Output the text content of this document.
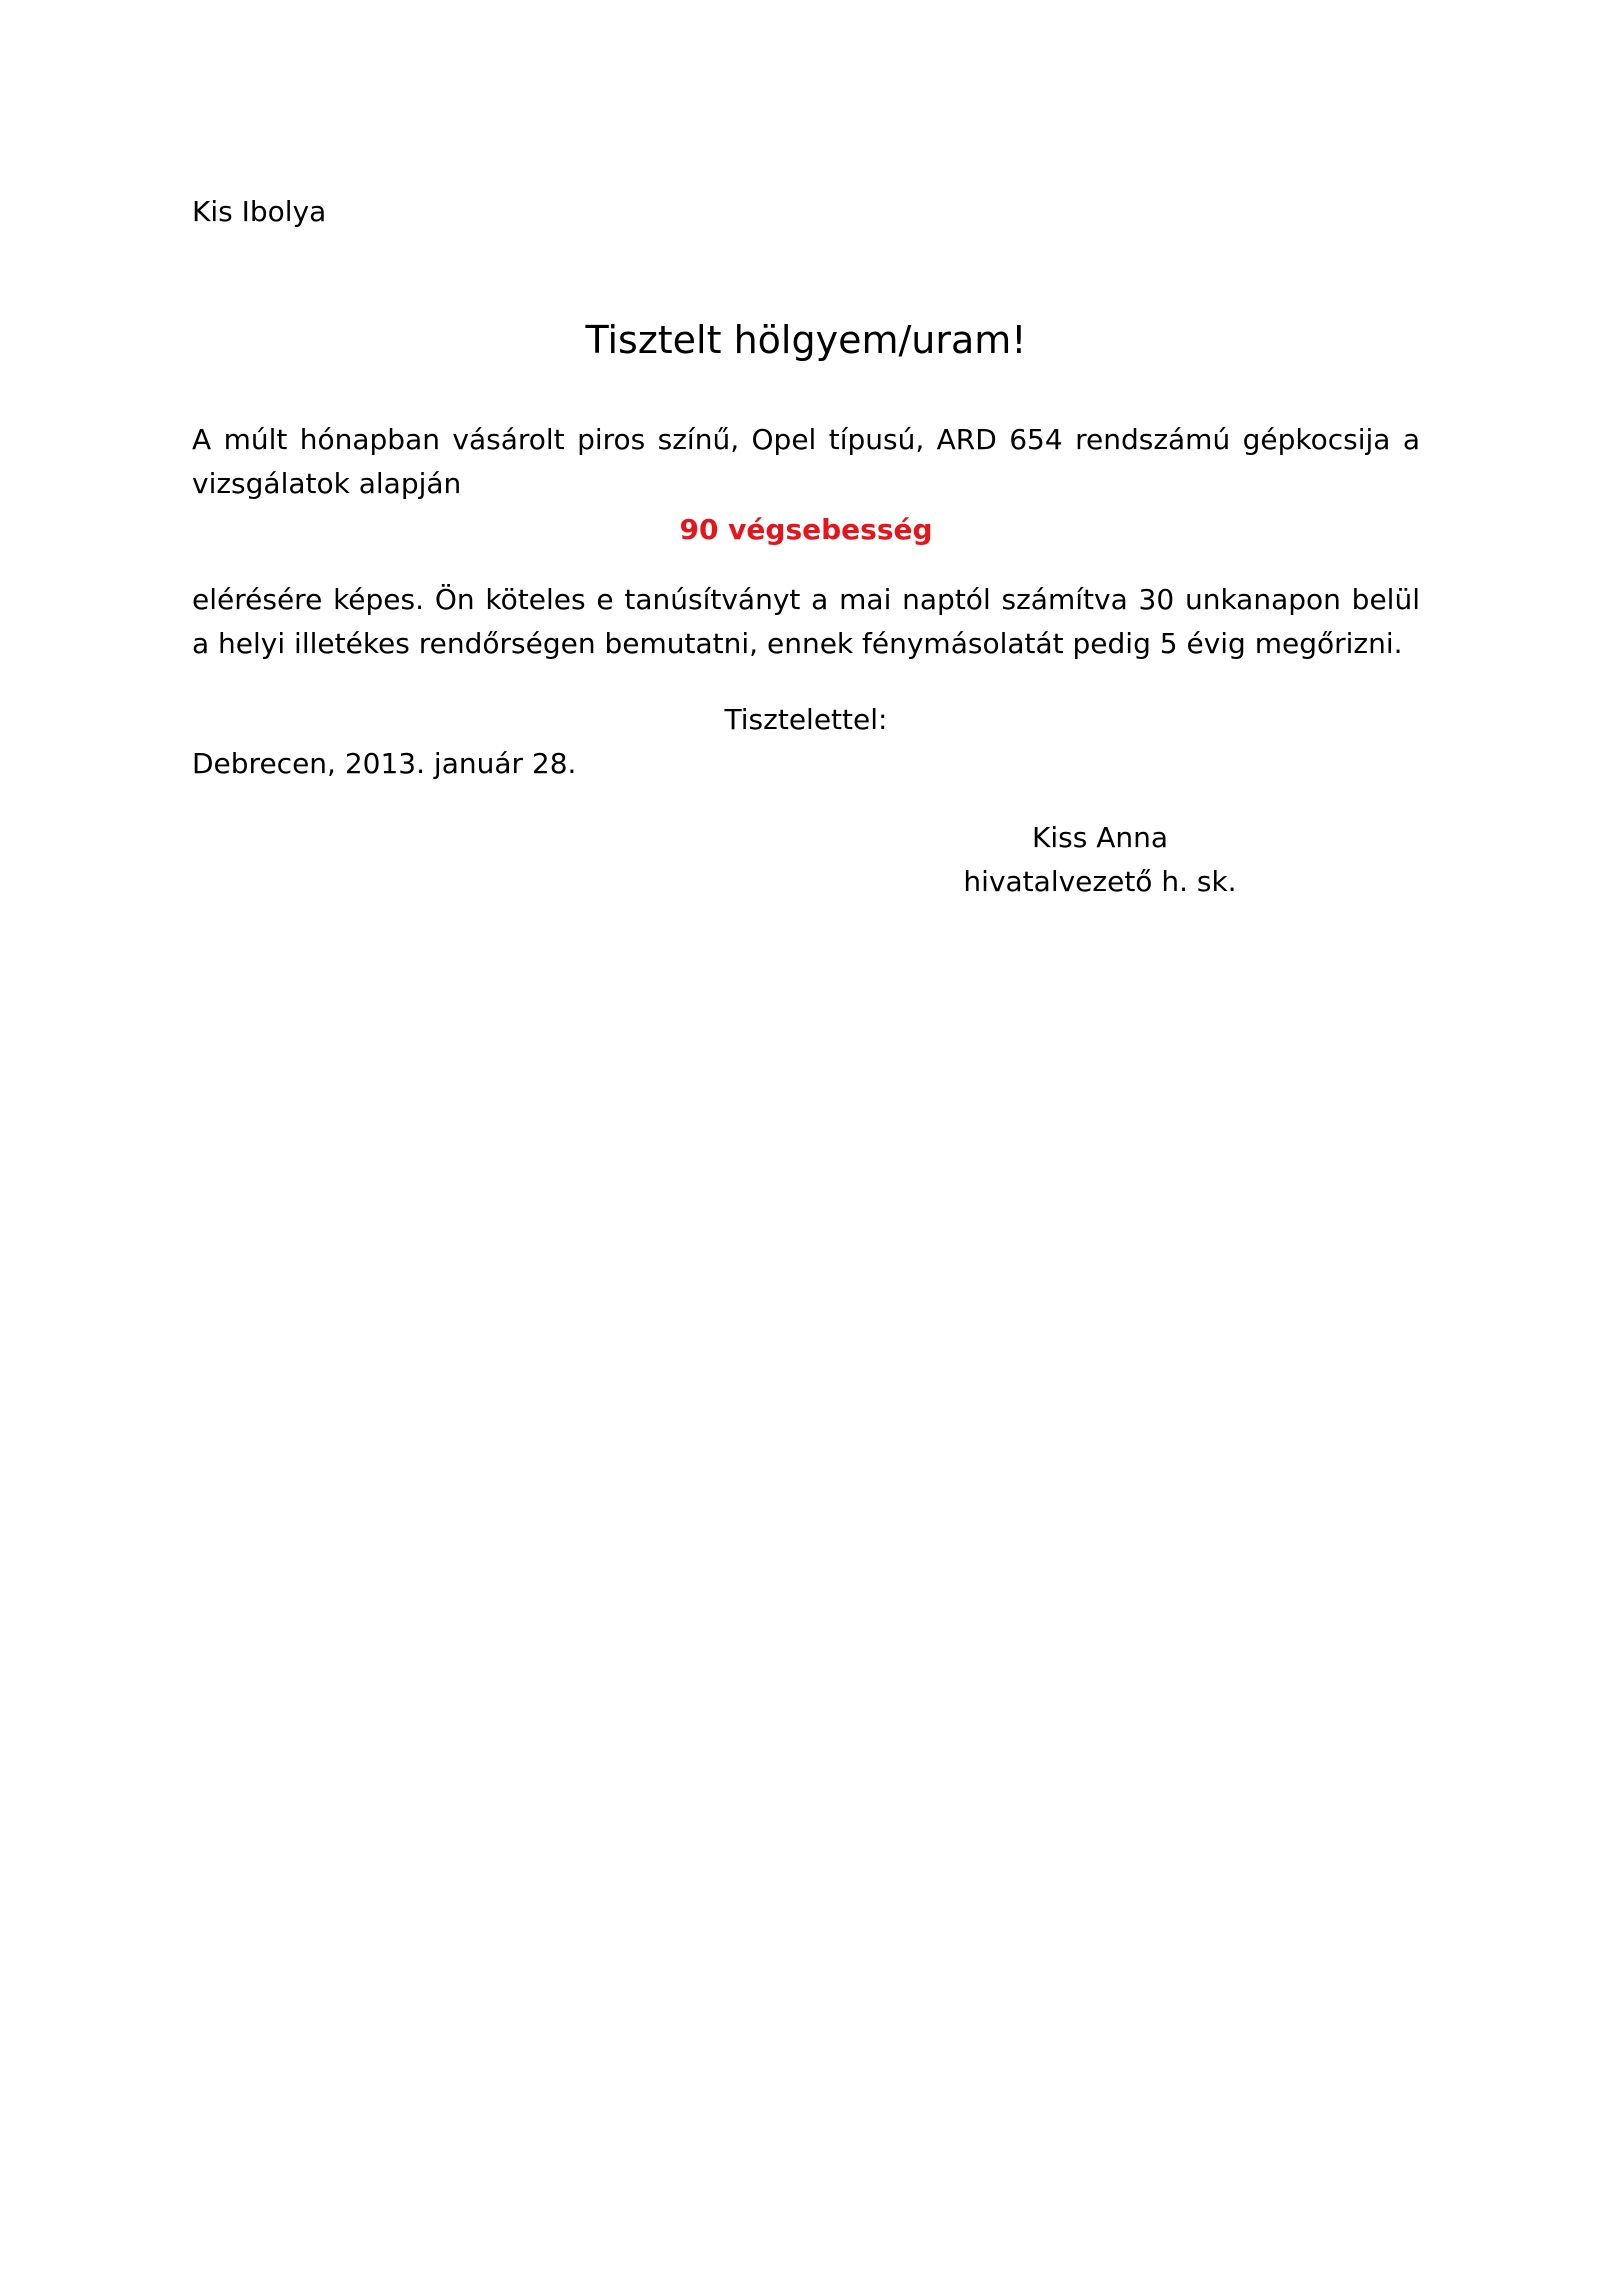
Kis Ibolya
Tisztelt hölgyem/uram!
A múlt hónapban vásárolt piros színű, Opel típusú, ARD 654 rendszámú gépkocsija a vizsgálatok alapján
90 végsebesség
elérésére képes. Ön köteles e tanúsítványt a mai naptól számítva 30 unkanapon belül a helyi illetékes rendőrségen bemutatni, ennek fénymásolatát pedig 5 évig megőrizni.
Tisztelettel:
Debrecen, 2013. január 28.
Kiss Anna
hivatalvezető h. sk.
